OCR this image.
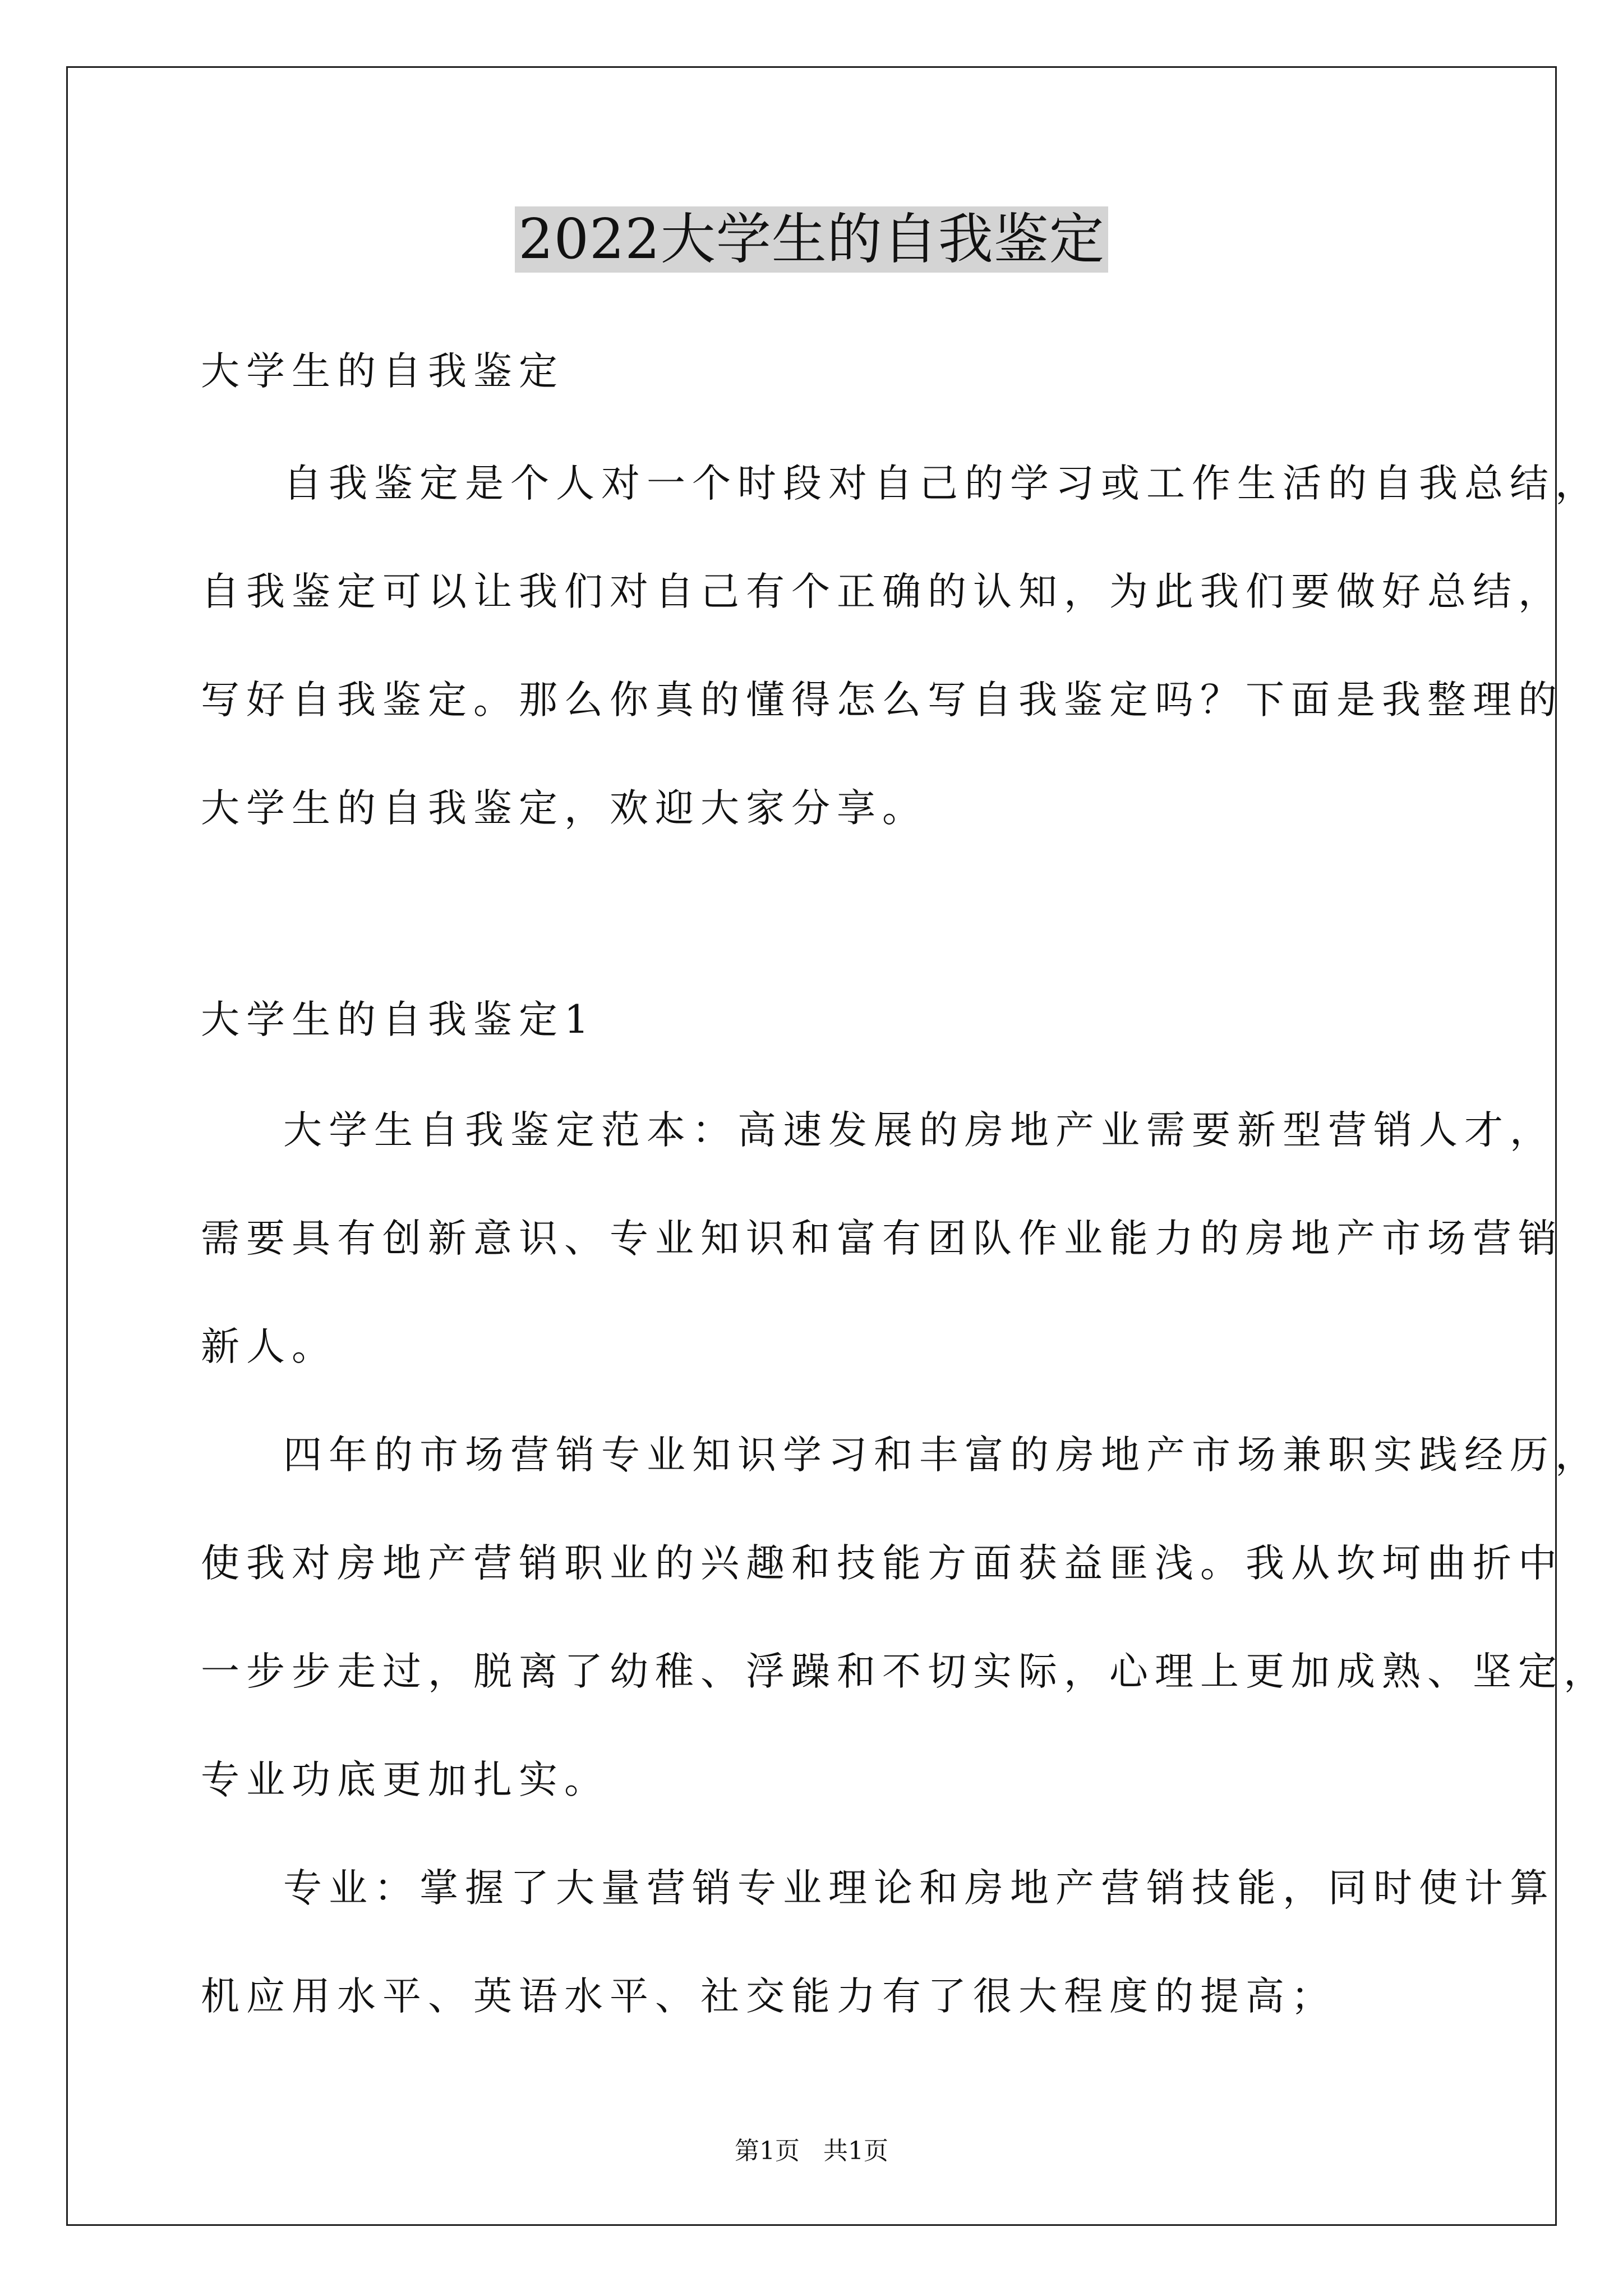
2022大学生的自我鉴定
大学生的自我鉴定
自我鉴定是个人对一个时段对自己的学习或工作生活的自我总结，
自我鉴定可以让我们对自己有个正确的认知，为此我们要做好总结，
写好自我鉴定。那么你真的懂得怎么写自我鉴定吗？下面是我整理的
大学生的自我鉴定，欢迎大家分享。
大学生的自我鉴定1
大学生自我鉴定范本：高速发展的房地产业需要新型营销人才，
需要具有创新意识、专业知识和富有团队作业能力的房地产市场营销
新人。
四年的市场营销专业知识学习和丰富的房地产市场兼职实践经历，
使我对房地产营销职业的兴趣和技能方面获益匪浅。我从坎坷曲折中
一步步走过，脱离了幼稚、浮躁和不切实际，心理上更加成熟、坚定，
专业功底更加扎实。
专业：掌握了大量营销专业理论和房地产营销技能，同时使计算
机应用水平、英语水平、社交能力有了很大程度的提高；
第1页   共1页
